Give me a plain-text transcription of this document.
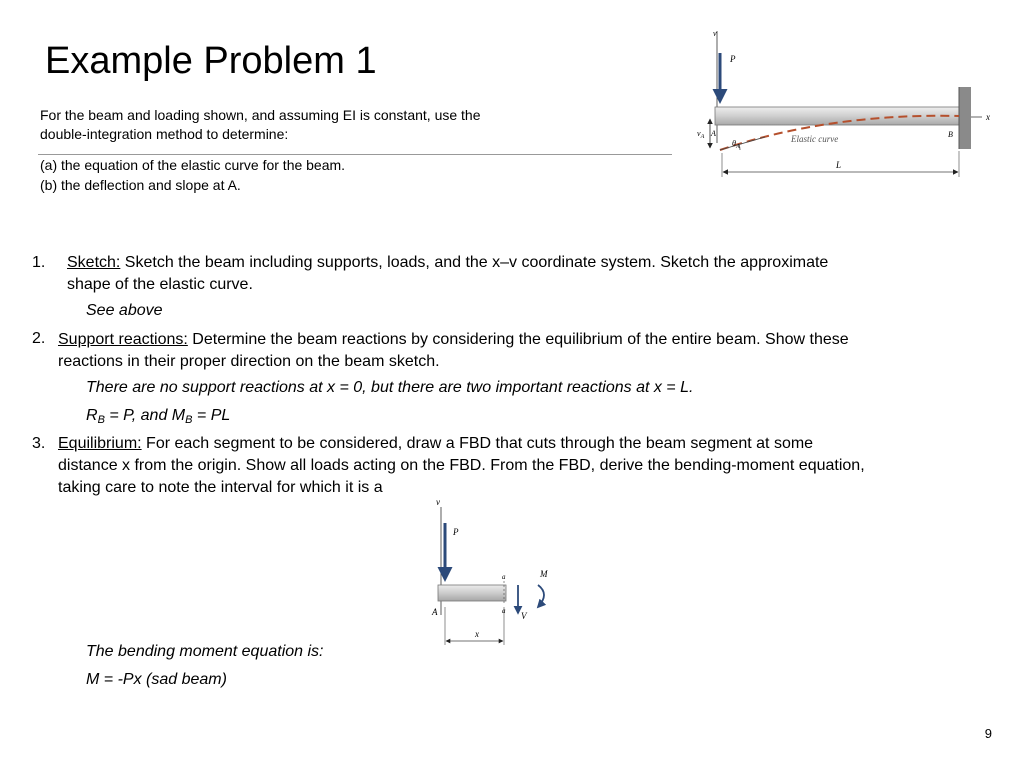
Example Problem 1
For the beam and loading shown, and assuming EI is constant, use the
double-integration method to determine:
(a) the equation of the elastic curve for the beam.
(b) the deflection and slope at A.
1. Sketch: Sketch the beam including supports, loads, and the x–v coordinate system. Sketch the approximate
shape of the elastic curve.
See above
2. Support reactions: Determine the beam reactions by considering the equilibrium of the entire beam. Show these
reactions in their proper direction on the beam sketch.
There are no support reactions at x = 0, but there are two important reactions at x = L.
$R_B = P$, and $M_B$ = PL
3. Equilibrium: For each segment to be considered, draw a FBD that cuts through the beam segment at some
distance x from the origin. Show all loads acting on the FBD. From the FBD, derive the bending-moment equation,
taking care to note the interval for which it is a
The bending moment equation is:
M = -Px (sad beam)
v
P
x
$v_A$ A	B
$\theta_A$
Elastic curve
L
v
P
a
a
M
V
A
x
9
